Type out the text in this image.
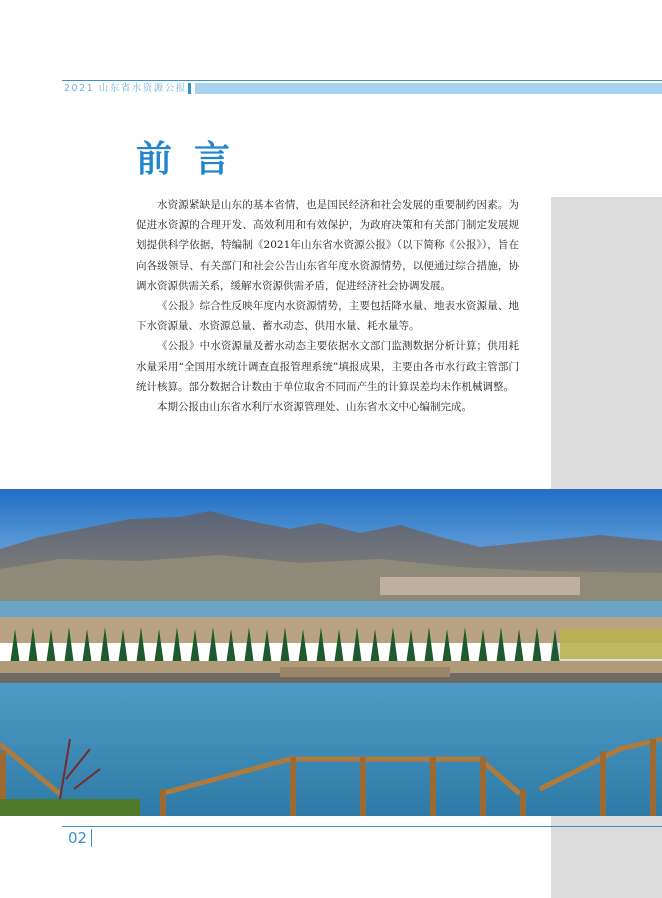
2021 山东省水资源公报
前言

水资源紧缺是山东的基本省情，也是国民经济和社会发展的重要制约因素。为促进水资源的合理开发、高效利用和有效保护，为政府决策和有关部门制定发展规划提供科学依据，特编制《2021年山东省水资源公报》（以下简称《公报》），旨在向各级领导、有关部门和社会公告山东省年度水资源情势，以便通过综合措施，协调水资源供需关系，缓解水资源供需矛盾，促进经济社会协调发展。

《公报》综合性反映年度内水资源情势，主要包括降水量、地表水资源量、地下水资源量、水资源总量、蓄水动态、供用水量、耗水量等。

《公报》中水资源量及蓄水动态主要依据水文部门监测数据分析计算；供用耗水量采用“全国用水统计调查直报管理系统”填报成果，主要由各市水行政主管部门统计核算。部分数据合计数由于单位取舍不同而产生的计算误差均未作机械调整。

本期公报由山东省水利厅水资源管理处、山东省水文中心编制完成。

02
